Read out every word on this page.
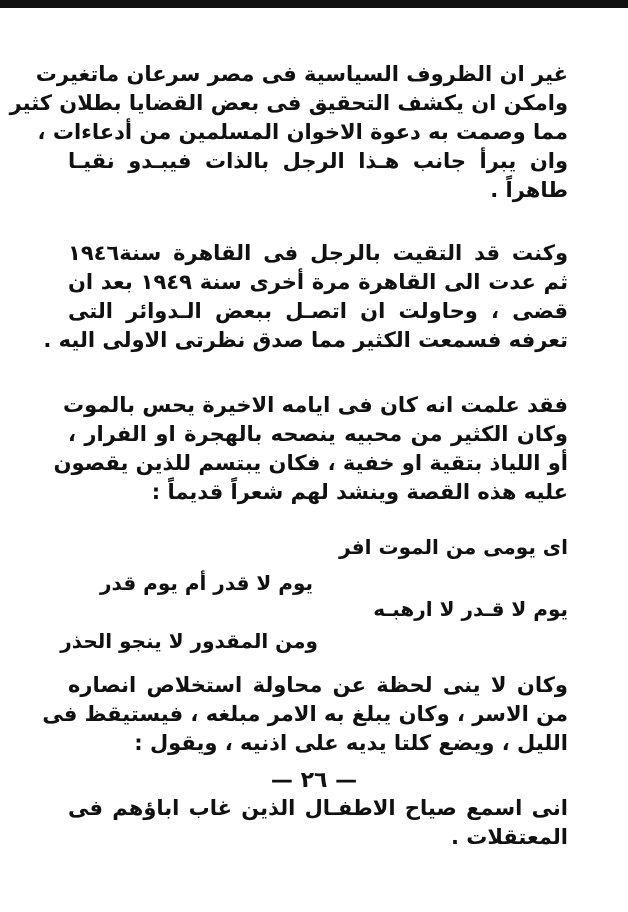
غير ان الظروف السياسية فى مصر سرعان ماتغيرت
وامكن ان يكشف التحقيق فى بعض القضايا بطلان كثير
مما وصمت به دعوة الاخوان المسلمين من أدعاءات ،
وان يبرأ جانب هـذا الرجل بالذات فيبـدو نقيـا
طاهراً .
وكنت قد التقيت بالرجل فى القاهرة سنة١٩٤٦
ثم عدت الى القاهرة مرة أخرى سنة ١٩٤٩ بعد ان
قضى ، وحاولت ان اتصـل ببعض الـدوائر التى
تعرفه فسمعت الكثير مما صدق نظرتى الاولى اليه .
فقد علمت انه كان فى ايامه الاخيرة يحس بالموت
وكان الكثير من محبيه ينصحه بالهجرة او الفرار ،
أو اللياذ بتقية او خفية ، فكان يبتسم للذين يقصون
عليه هذه القصة وينشد لهم شعراً قديماً :
اى يومى من الموت افر
يوم لا قدر أم يوم قدر
يوم لا قـدر لا ارهبـه
ومن المقدور لا ينجو الحذر
وكان لا ينى لحظة عن محاولة استخلاص انصاره
من الاسر ، وكان يبلغ به الامر مبلغه ، فيستيقظ فى
الليل ، ويضع كلتا يديه على اذنيه ، ويقول :
انى اسمع صياح الاطفـال الذين غاب اباؤهم فى
المعتقلات .
— ٢٦ —
